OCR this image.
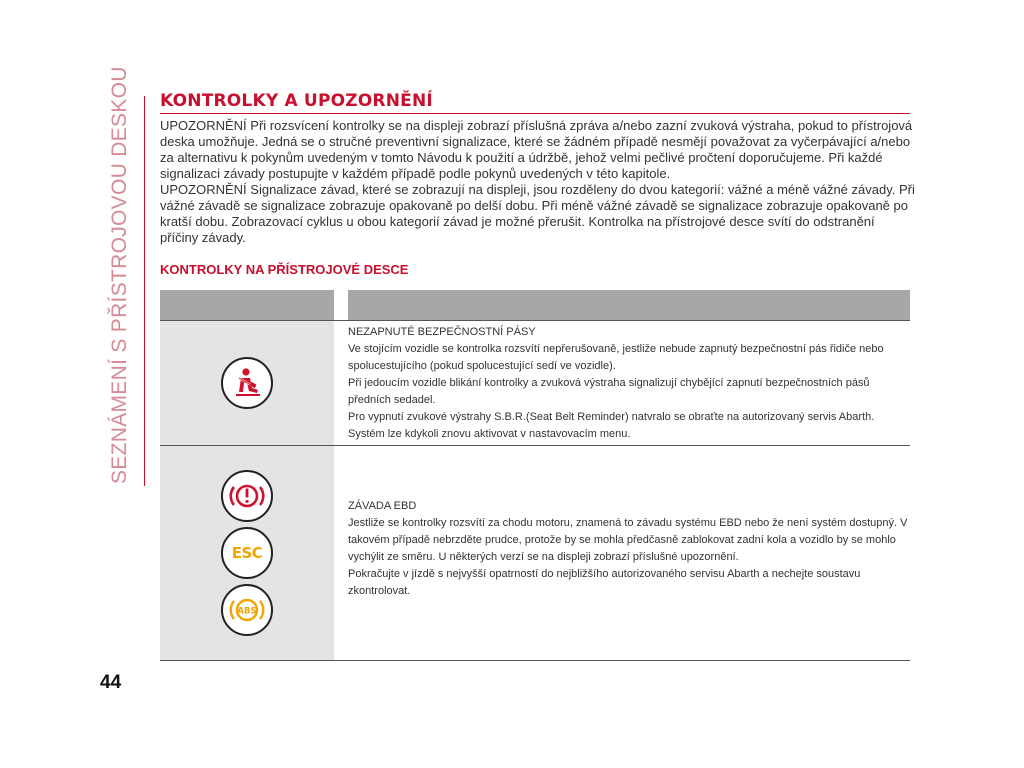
SEZNÁMENÍ S PŘÍSTROJOVOU DESKOU
44
KONTROLKY A UPOZORNĚNÍ

UPOZORNĚNÍ Při rozsvícení kontrolky se na displeji zobrazí příslušná zpráva a/nebo zazní zvuková výstraha, pokud to přístrojová deska umožňuje. Jedná se o stručné preventivní signalizace, které se žádném případě nesmějí považovat za vyčerpávající a/nebo za alternativu k pokynům uvedeným v tomto Návodu k použití a údržbě, jehož velmi pečlivé pročtení doporučujeme. Při každé signalizaci závady postupujte v každém případě podle pokynů uvedených v této kapitole.

UPOZORNĚNÍ Signalizace závad, které se zobrazují na displeji, jsou rozděleny do dvou kategorií: vážné a méně vážné závady. Při vážné závadě se signalizace zobrazuje opakovaně po delší dobu. Při méně vážné závadě se signalizace zobrazuje opakovaně po kratší dobu. Zobrazovací cyklus u obou kategorií závad je možné přerušit. Kontrolka na přístrojové desce svítí do odstranění příčiny závady.

KONTROLKY NA PŘÍSTROJOVÉ DESCE

NEZAPNUTÉ BEZPEČNOSTNÍ PÁSY

Ve stojícím vozidle se kontrolka rozsvítí nepřerušovaně, jestliže nebude zapnutý bezpečnostní pás řidiče nebo spolucestujícího (pokud spolucestující sedí ve vozidle).

Při jedoucím vozidle blikání kontrolky a zvuková výstraha signalizují chybějící zapnutí bezpečnostních pásů předních sedadel.

Pro vypnutí zvukové výstrahy S.B.R.(Seat Belt Reminder) natvralo se obraťte na autorizovaný servis Abarth. Systém lze kdykoli znovu aktivovat v nastavovacím menu.

ESC
ABS

ZÁVADA EBD

Jestliže se kontrolky rozsvítí za chodu motoru, znamená to závadu systému EBD nebo že není systém dostupný. V takovém případě nebrzděte prudce, protože by se mohla předčasně zablokovat zadní kola a vozidlo by se mohlo vychýlit ze směru. U některých verzí se na displeji zobrazí příslušné upozornění.

Pokračujte v jízdě s nejvyšší opatrností do nejbližšího autorizovaného servisu Abarth a nechejte soustavu zkontrolovat.
